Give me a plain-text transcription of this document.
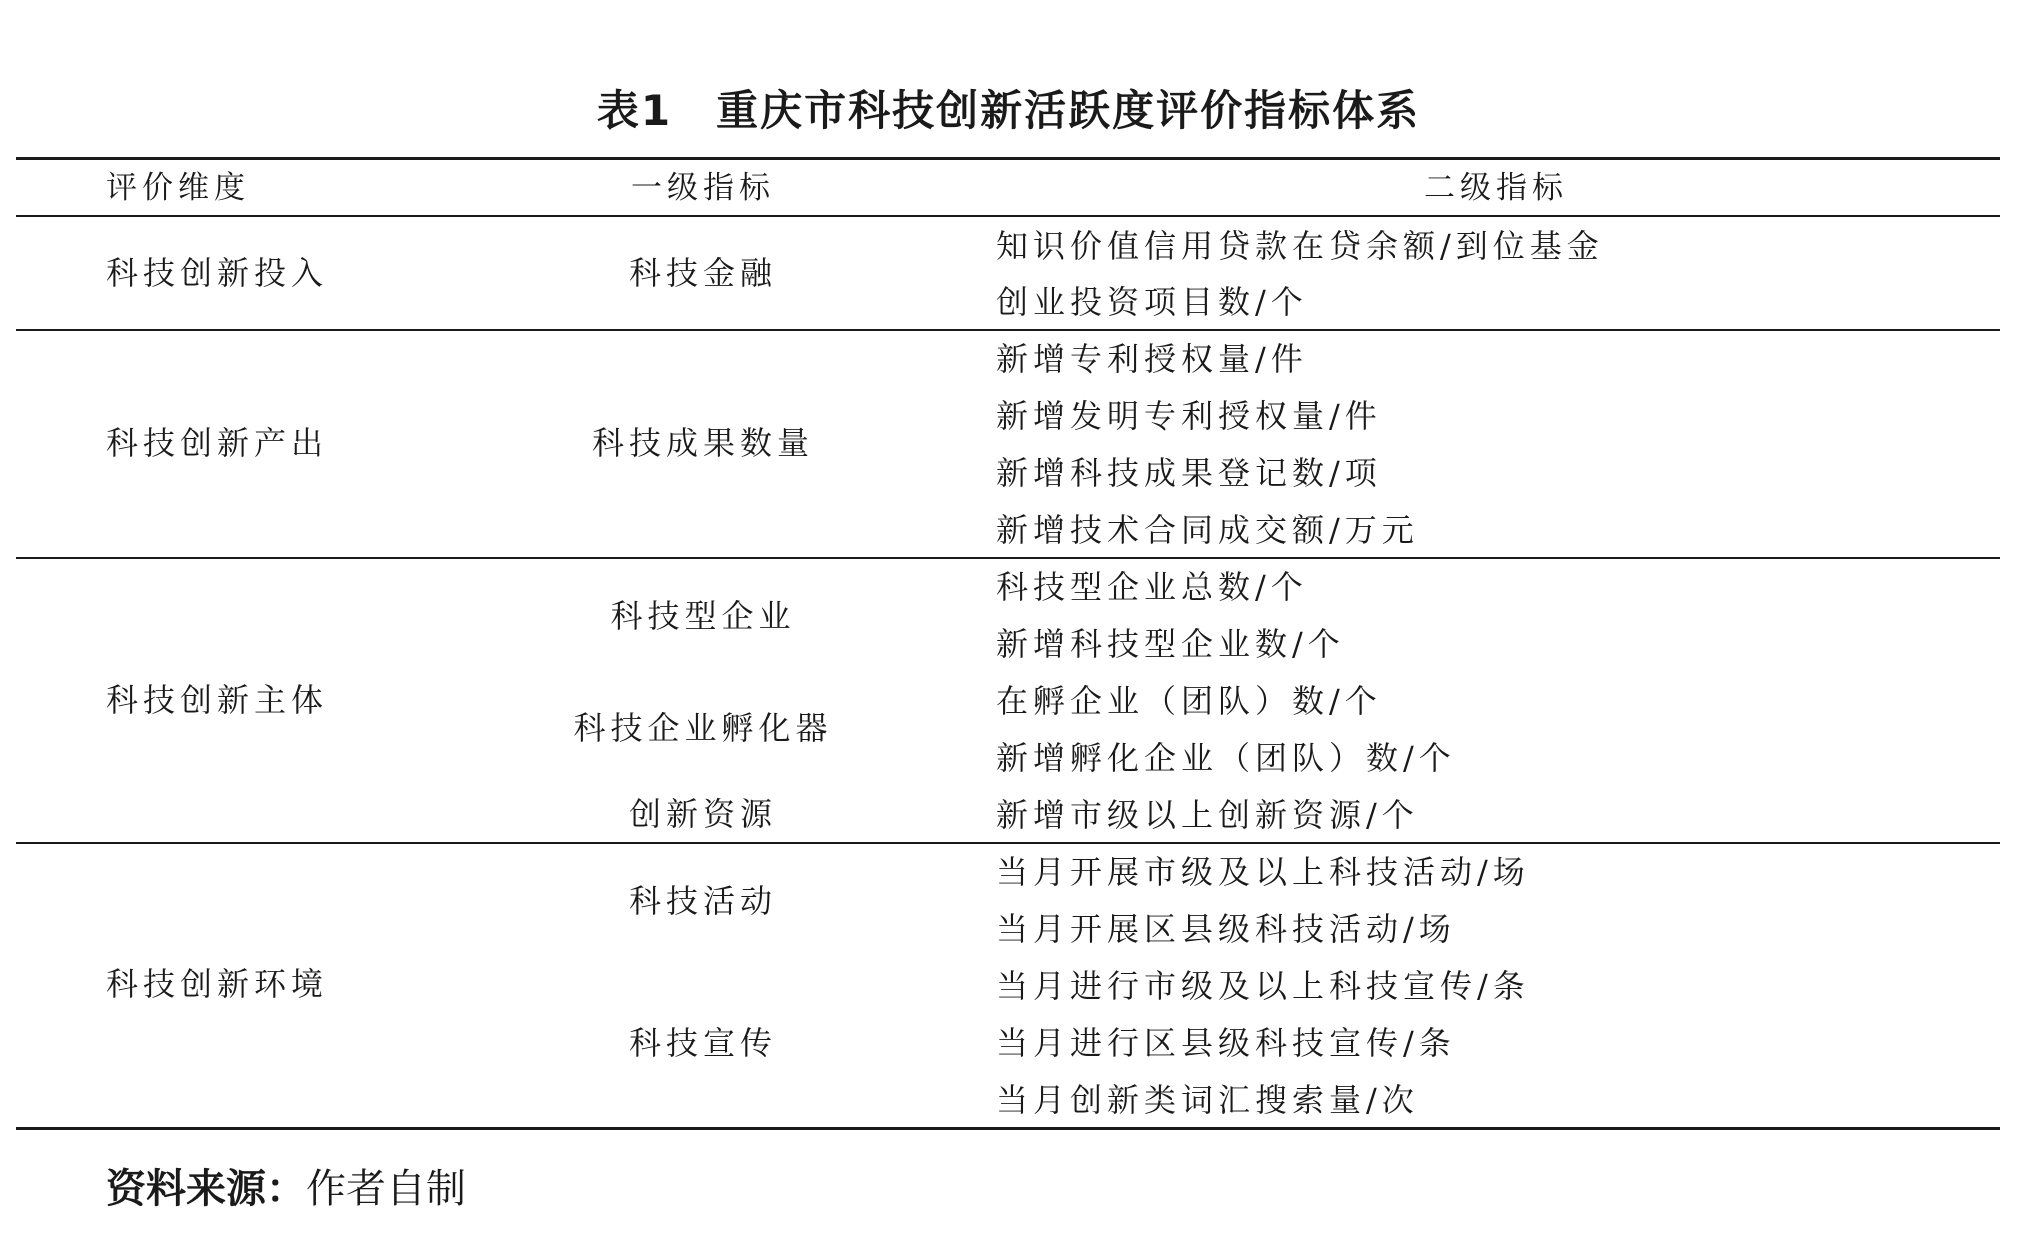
表1　重庆市科技创新活跃度评价指标体系
评价维度	一级指标	二级指标
科技创新投入
科技创新产出
科技创新主体
科技创新环境
科技金融
科技成果数量
科技型企业
科技企业孵化器
创新资源
科技活动
科技宣传
知识价值信用贷款在贷余额/到位基金
创业投资项目数/个
新增专利授权量/件
新增发明专利授权量/件
新增科技成果登记数/项
新增技术合同成交额/万元
科技型企业总数/个
新增科技型企业数/个
在孵企业（团队）数/个
新增孵化企业（团队）数/个
新增市级以上创新资源/个
当月开展市级及以上科技活动/场
当月开展区县级科技活动/场
当月进行市级及以上科技宣传/条
当月进行区县级科技宣传/条
当月创新类词汇搜索量/次
资料来源：作者自制
